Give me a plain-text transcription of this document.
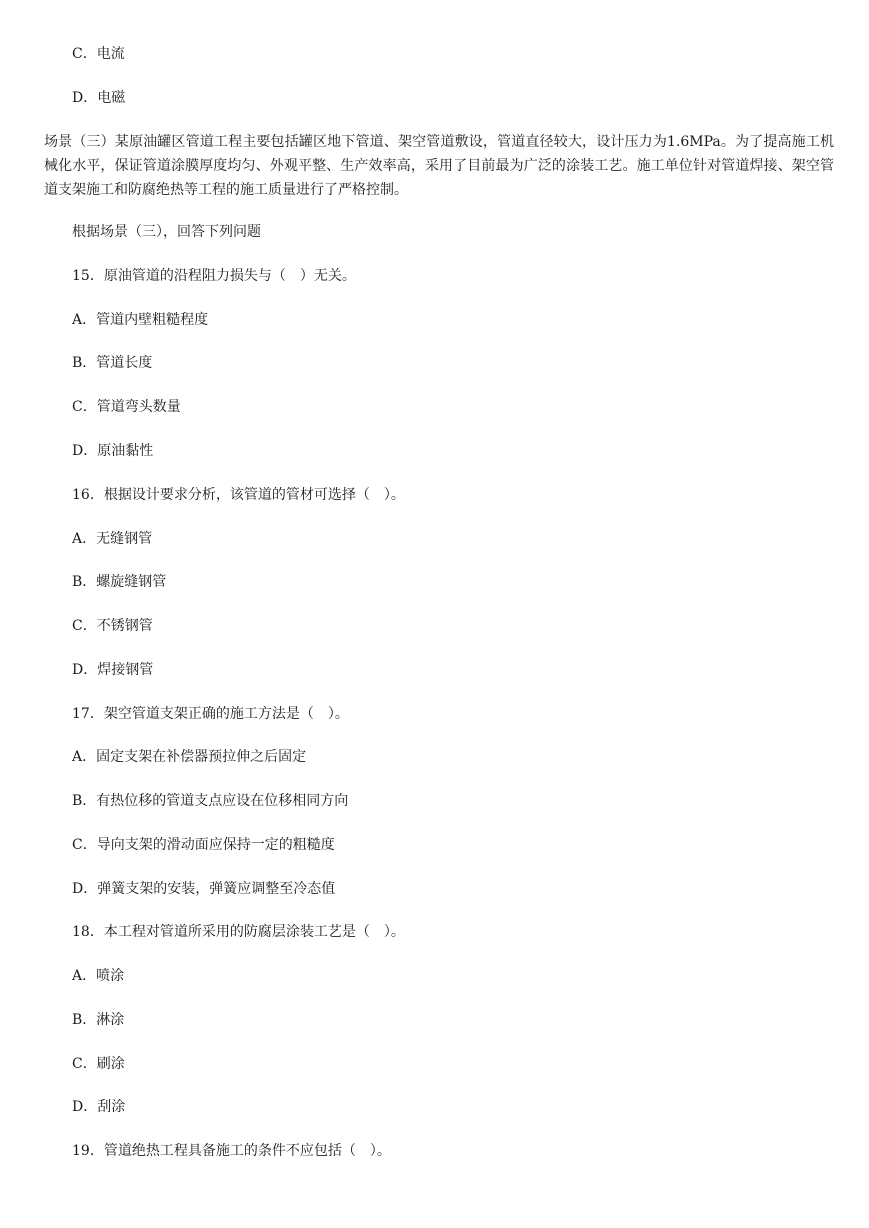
C．电流
D．电磁
场景（三）某原油罐区管道工程主要包括罐区地下管道、架空管道敷设，管道直径较大，设计压力为1.6MPa。为了提高施工机械化水平，保证管道涂膜厚度均匀、外观平整、生产效率高，采用了目前最为广泛的涂装工艺。施工单位针对管道焊接、架空管道支架施工和防腐绝热等工程的施工质量进行了严格控制。
根据场景（三），回答下列问题
15．原油管道的沿程阻力损失与（　）无关。
A．管道内壁粗糙程度
B．管道长度
C．管道弯头数量
D．原油黏性
16．根据设计要求分析，该管道的管材可选择（　）。
A．无缝钢管
B．螺旋缝钢管
C．不锈钢管
D．焊接钢管
17．架空管道支架正确的施工方法是（　）。
A．固定支架在补偿器预拉伸之后固定
B．有热位移的管道支点应设在位移相同方向
C．导向支架的滑动面应保持一定的粗糙度
D．弹簧支架的安装，弹簧应调整至冷态值
18．本工程对管道所采用的防腐层涂装工艺是（　）。
A．喷涂
B．淋涂
C．刷涂
D．刮涂
19．管道绝热工程具备施工的条件不应包括（　）。
